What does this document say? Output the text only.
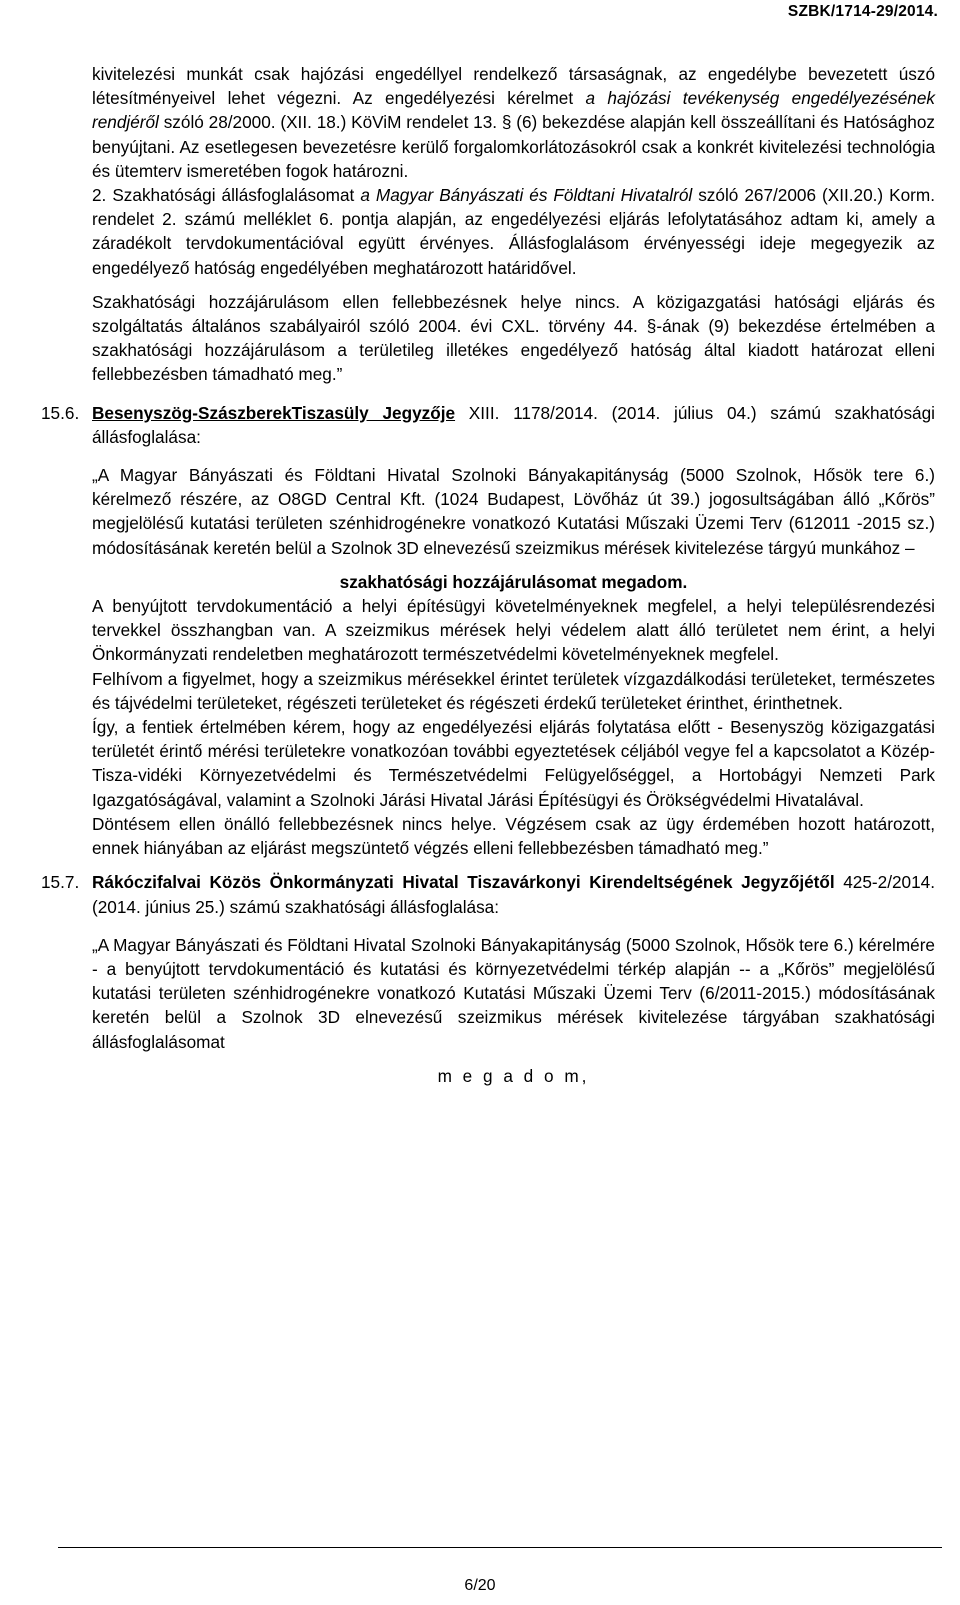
SZBK/1714-29/2014.

kivitelezési munkát csak hajózási engedéllyel rendelkező társaságnak, az engedélybe bevezetett úszó létesítményeivel lehet végezni. Az engedélyezési kérelmet a hajózási tevékenység engedélyezésének rendjéről szóló 28/2000. (XII. 18.) KöViM rendelet 13. § (6) bekezdése alapján kell összeállítani és Hatósághoz benyújtani. Az esetlegesen bevezetésre kerülő forgalomkorlátozásokról csak a konkrét kivitelezési technológia és ütemterv ismeretében fogok határozni.

2. Szakhatósági állásfoglalásomat a Magyar Bányászati és Földtani Hivatalról szóló 267/2006 (XII.20.) Korm. rendelet 2. számú melléklet 6. pontja alapján, az engedélyezési eljárás lefolytatásához adtam ki, amely a záradékolt tervdokumentációval együtt érvényes. Állásfoglalásom érvényességi ideje megegyezik az engedélyező hatóság engedélyében meghatározott határidővel.

Szakhatósági hozzájárulásom ellen fellebbezésnek helye nincs. A közigazgatási hatósági eljárás és szolgáltatás általános szabályairól szóló 2004. évi CXL. törvény 44. §-ának (9) bekezdése értelmében a szakhatósági hozzájárulásom a területileg illetékes engedélyező hatóság által kiadott határozat elleni fellebbezésben támadható meg.”

15.6. Besenyszög-SzászberekTiszasüly Jegyzője XIII. 1178/2014. (2014. július 04.) számú szakhatósági állásfoglalása:

„A Magyar Bányászati és Földtani Hivatal Szolnoki Bányakapitányság (5000 Szolnok, Hősök tere 6.) kérelmező részére, az O8GD Central Kft. (1024 Budapest, Lövőház út 39.) jogosultságában álló „Kőrös” megjelölésű kutatási területen szénhidrogénekre vonatkozó Kutatási Műszaki Üzemi Terv (612011 -2015 sz.) módosításának keretén belül a Szolnok 3D elnevezésű szeizmikus mérések kivitelezése tárgyú munkához –

szakhatósági hozzájárulásomat megadom.

A benyújtott tervdokumentáció a helyi építésügyi követelményeknek megfelel, a helyi településrendezési tervekkel összhangban van. A szeizmikus mérések helyi védelem alatt álló területet nem érint, a helyi Önkormányzati rendeletben meghatározott természetvédelmi követelményeknek megfelel.

Felhívom a figyelmet, hogy a szeizmikus mérésekkel érintet területek vízgazdálkodási területeket, természetes és tájvédelmi területeket, régészeti területeket és régészeti érdekű területeket érinthet, érinthetnek.

Így, a fentiek értelmében kérem, hogy az engedélyezési eljárás folytatása előtt - Besenyszög közigazgatási területét érintő mérési területekre vonatkozóan további egyeztetések céljából vegye fel a kapcsolatot a Közép-Tisza-vidéki Környezetvédelmi és Természetvédelmi Felügyelőséggel, a Hortobágyi Nemzeti Park Igazgatóságával, valamint a Szolnoki Járási Hivatal Járási Építésügyi és Örökségvédelmi Hivatalával.

Döntésem ellen önálló fellebbezésnek nincs helye. Végzésem csak az ügy érdemében hozott határozott, ennek hiányában az eljárást megszüntető végzés elleni fellebbezésben támadható meg.”

15.7. Rákóczifalvai Közös Önkormányzati Hivatal Tiszavárkonyi Kirendeltségének Jegyzőjétől 425-2/2014. (2014. június 25.) számú szakhatósági állásfoglalása:

„A Magyar Bányászati és Földtani Hivatal Szolnoki Bányakapitányság (5000 Szolnok, Hősök tere 6.) kérelmére - a benyújtott tervdokumentáció és kutatási és környezetvédelmi térkép alapján -- a „Kőrös” megjelölésű kutatási területen szénhidrogénekre vonatkozó Kutatási Műszaki Üzemi Terv (6/2011-2015.) módosításának keretén belül a Szolnok 3D elnevezésű szeizmikus mérések kivitelezése tárgyában szakhatósági állásfoglalásomat

m e g a d o m,

6/20
